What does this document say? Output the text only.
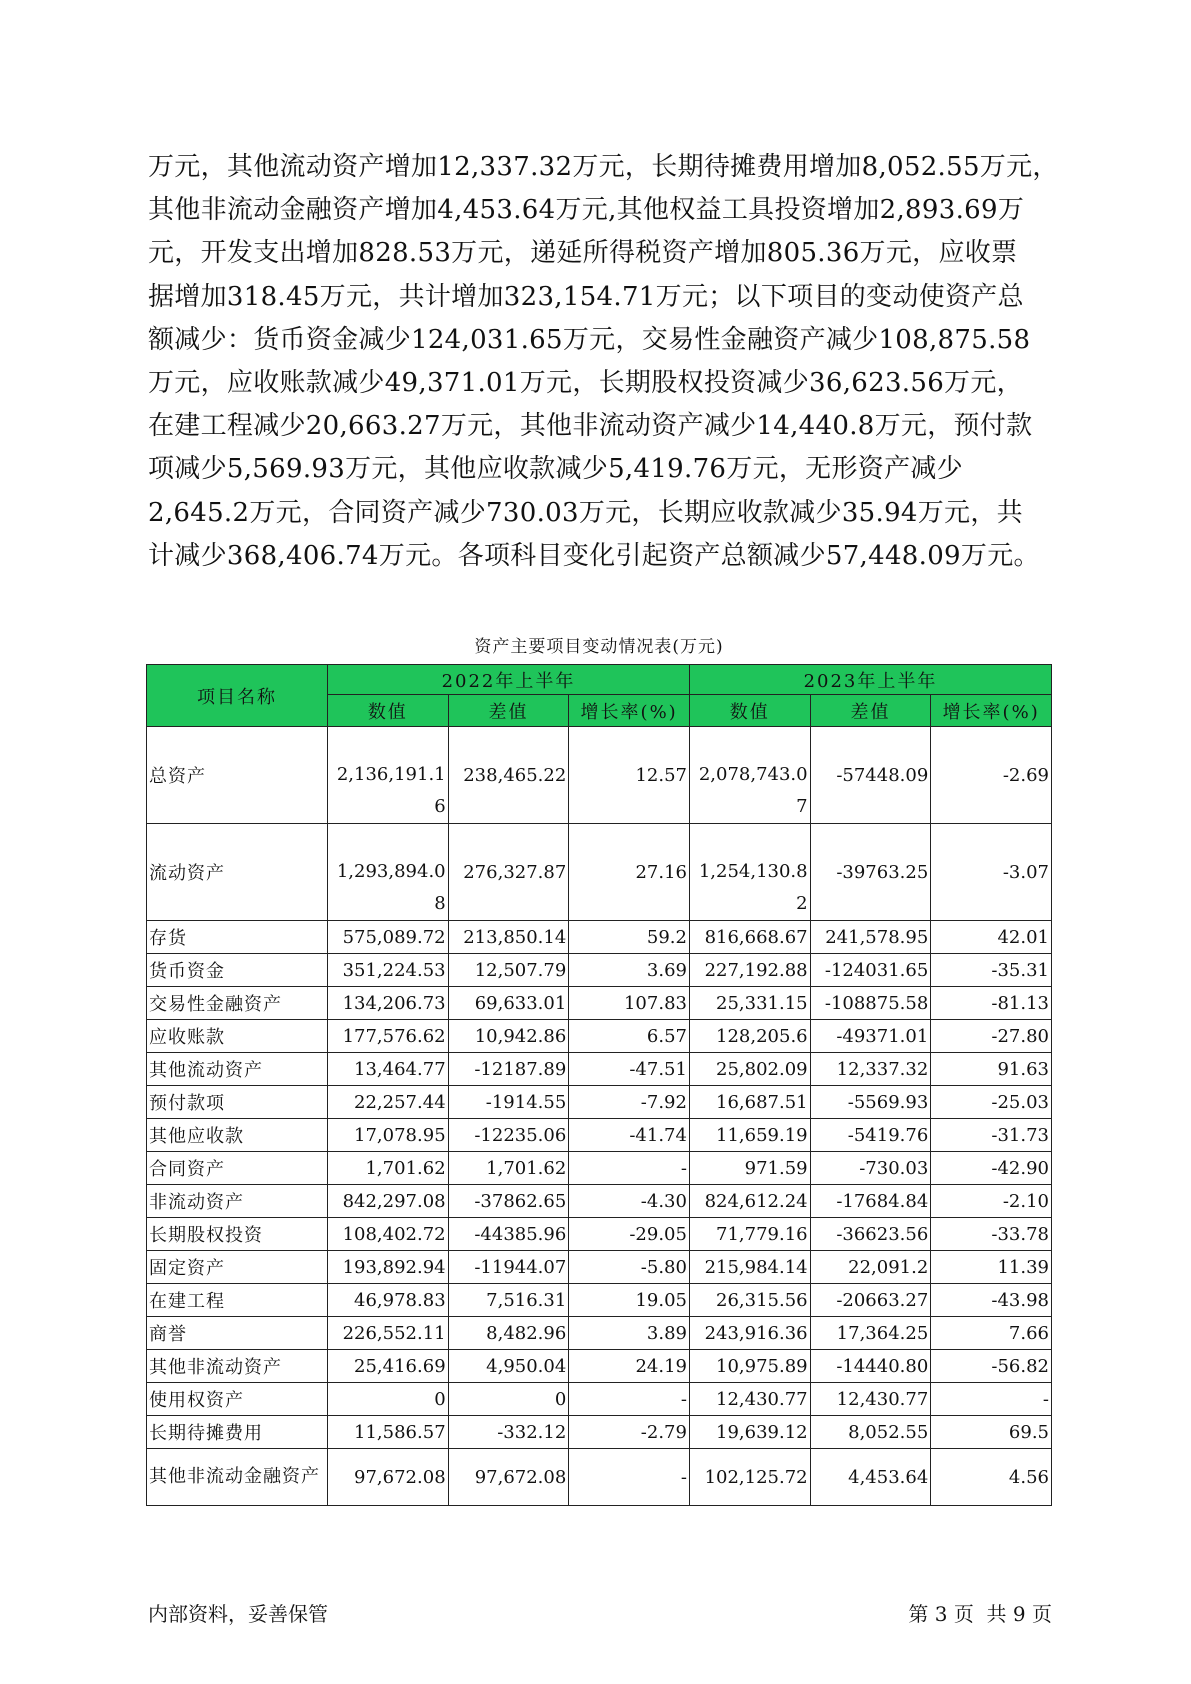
万元，其他流动资产增加12,337.32万元，长期待摊费用增加8,052.55万元，
其他非流动金融资产增加4,453.64万元,其他权益工具投资增加2,893.69万
元，开发支出增加828.53万元，递延所得税资产增加805.36万元，应收票
据增加318.45万元，共计增加323,154.71万元；以下项目的变动使资产总
额减少：货币资金减少124,031.65万元，交易性金融资产减少108,875.58
万元，应收账款减少49,371.01万元，长期股权投资减少36,623.56万元，
在建工程减少20,663.27万元，其他非流动资产减少14,440.8万元，预付款
项减少5,569.93万元，其他应收款减少5,419.76万元，无形资产减少
2,645.2万元，合同资产减少730.03万元，长期应收款减少35.94万元，共
计减少368,406.74万元。各项科目变化引起资产总额减少57,448.09万元。
资产主要项目变动情况表(万元)
项目名称	2022年上半年			2023年上半年		
	数值	差值	增长率(%)	数值	差值	增长率(%)
总资产	2,136,191.16	238,465.22	12.57	2,078,743.07	-57448.09	-2.69
流动资产	1,293,894.08	276,327.87	27.16	1,254,130.82	-39763.25	-3.07
存货	575,089.72	213,850.14	59.2	816,668.67	241,578.95	42.01
货币资金	351,224.53	12,507.79	3.69	227,192.88	-124031.65	-35.31
交易性金融资产	134,206.73	69,633.01	107.83	25,331.15	-108875.58	-81.13
应收账款	177,576.62	10,942.86	6.57	128,205.6	-49371.01	-27.80
其他流动资产	13,464.77	-12187.89	-47.51	25,802.09	12,337.32	91.63
预付款项	22,257.44	-1914.55	-7.92	16,687.51	-5569.93	-25.03
其他应收款	17,078.95	-12235.06	-41.74	11,659.19	-5419.76	-31.73
合同资产	1,701.62	1,701.62	-	971.59	-730.03	-42.90
非流动资产	842,297.08	-37862.65	-4.30	824,612.24	-17684.84	-2.10
长期股权投资	108,402.72	-44385.96	-29.05	71,779.16	-36623.56	-33.78
固定资产	193,892.94	-11944.07	-5.80	215,984.14	22,091.2	11.39
在建工程	46,978.83	7,516.31	19.05	26,315.56	-20663.27	-43.98
商誉	226,552.11	8,482.96	3.89	243,916.36	17,364.25	7.66
其他非流动资产	25,416.69	4,950.04	24.19	10,975.89	-14440.80	-56.82
使用权资产	0	0	-	12,430.77	12,430.77	-
长期待摊费用	11,586.57	-332.12	-2.79	19,639.12	8,052.55	69.5
其他非流动金融资产	97,672.08	97,672.08	-	102,125.72	4,453.64	4.56
内部资料，妥善保管	第 3 页  共 9 页
